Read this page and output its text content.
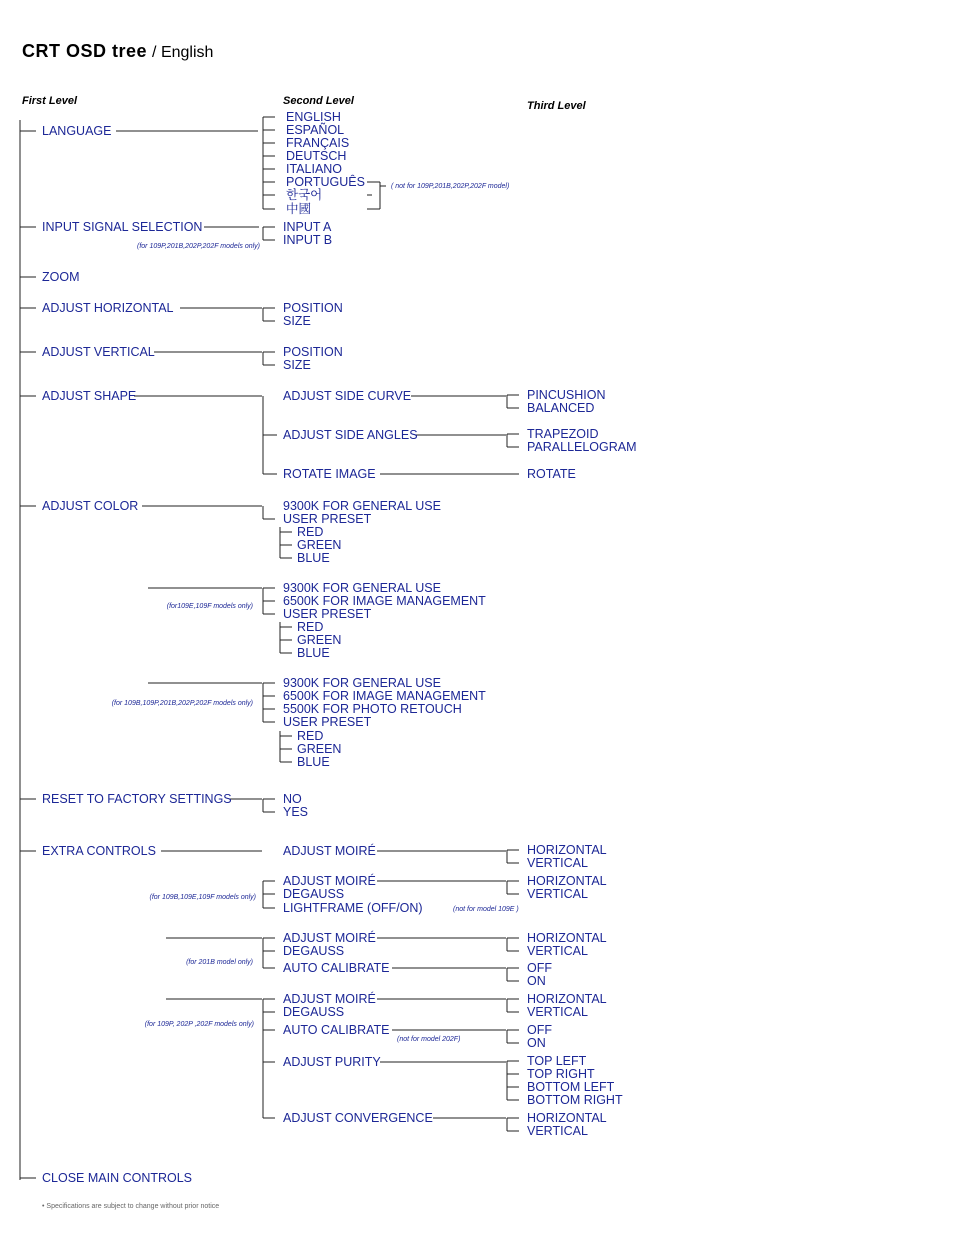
CRT OSD tree / English
First Level	Second Level	Third Level
LANGUAGE
INPUT SIGNAL SELECTION
ZOOM
ADJUST HORIZONTAL
ADJUST VERTICAL
ADJUST SHAPE
ADJUST COLOR
RESET TO FACTORY SETTINGS
EXTRA CONTROLS
CLOSE MAIN CONTROLS
ENGLISH
ESPAÑOL
FRANÇAIS
DEUTSCH
ITALIANO
PORTUGUÊS
한국어
中國
( not for 109P,201B,202P,202F model)
(for 109P,201B,202P,202F models only)
INPUT A
INPUT B
POSITION
SIZE
POSITION
SIZE
ADJUST SIDE CURVE
ADJUST SIDE ANGLES
ROTATE IMAGE
PINCUSHION
BALANCED
TRAPEZOID
PARALLELOGRAM
ROTATE
9300K FOR GENERAL USE
USER PRESET
RED
GREEN
BLUE
(for109E,109F models only)
9300K FOR GENERAL USE
6500K FOR IMAGE MANAGEMENT
USER PRESET
RED
GREEN
BLUE
(for 109B,109P,201B,202P,202F models only)
9300K FOR GENERAL USE
6500K FOR IMAGE MANAGEMENT
5500K FOR PHOTO RETOUCH
USER PRESET
RED
GREEN
BLUE
NO
YES
ADJUST MOIRÉ	HORIZONTAL
VERTICAL
(for 109B,109E,109F models only)
ADJUST MOIRÉ
DEGAUSS
LIGHTFRAME (OFF/ON)	(not for model 109E )
HORIZONTAL
VERTICAL
(for 201B model only)
ADJUST MOIRÉ
DEGAUSS
AUTO CALIBRATE
HORIZONTAL
VERTICAL
OFF
ON
(for 109P, 202P ,202F models only)
ADJUST MOIRÉ
DEGAUSS
AUTO CALIBRATE
ADJUST PURITY
ADJUST CONVERGENCE
HORIZONTAL
VERTICAL
(not for model 202F)
OFF
ON
TOP LEFT
TOP RIGHT
BOTTOM LEFT
BOTTOM RIGHT
HORIZONTAL
VERTICAL
• Specifications are subject to change without prior notice
